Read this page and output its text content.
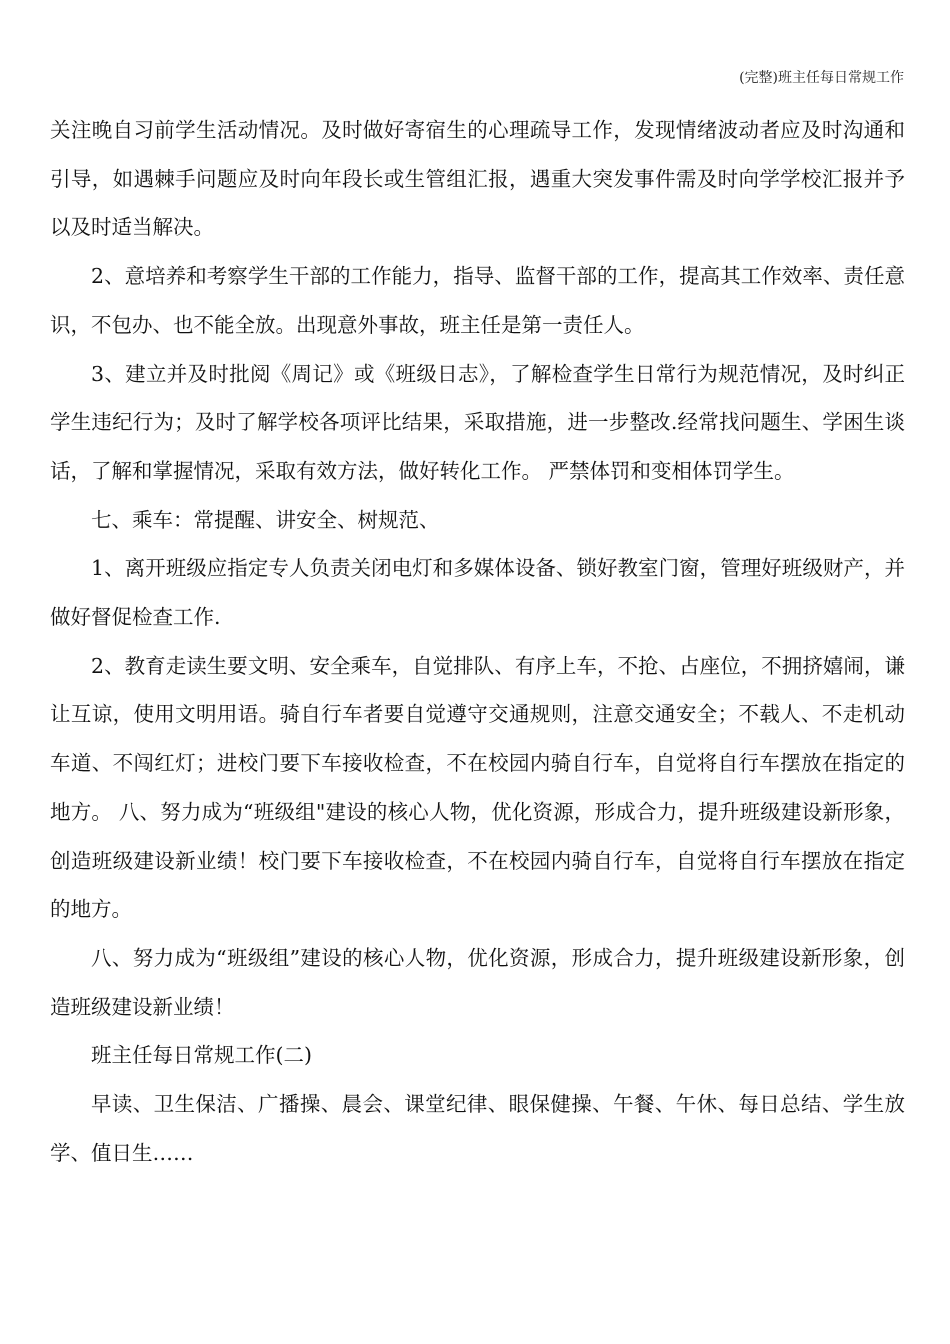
(完整)班主任每日常规工作

关注晚自习前学生活动情况。及时做好寄宿生的心理疏导工作，发现情绪波动者应及时沟通和引导，如遇棘手问题应及时向年段长或生管组汇报，遇重大突发事件需及时向学学校汇报并予以及时适当解决。

2、意培养和考察学生干部的工作能力，指导、监督干部的工作，提高其工作效率、责任意识，不包办、也不能全放。出现意外事故，班主任是第一责任人。

3、建立并及时批阅《周记》或《班级日志》，了解检查学生日常行为规范情况，及时纠正学生违纪行为；及时了解学校各项评比结果，采取措施，进一步整改.经常找问题生、学困生谈话，了解和掌握情况，采取有效方法，做好转化工作。 严禁体罚和变相体罚学生。

七、乘车：常提醒、讲安全、树规范、

1、离开班级应指定专人负责关闭电灯和多媒体设备、锁好教室门窗，管理好班级财产，并做好督促检查工作.

2、教育走读生要文明、安全乘车，自觉排队、有序上车，不抢、占座位，不拥挤嬉闹，谦让互谅，使用文明用语。骑自行车者要自觉遵守交通规则，注意交通安全；不载人、不走机动车道、不闯红灯；进校门要下车接收检查，不在校园内骑自行车，自觉将自行车摆放在指定的地方。 八、努力成为“班级组"建设的核心人物，优化资源，形成合力，提升班级建设新形象，创造班级建设新业绩！校门要下车接收检查，不在校园内骑自行车，自觉将自行车摆放在指定的地方。

八、努力成为“班级组”建设的核心人物，优化资源，形成合力，提升班级建设新形象，创造班级建设新业绩！

班主任每日常规工作(二)

早读、卫生保洁、广播操、晨会、课堂纪律、眼保健操、午餐、午休、每日总结、学生放学、值日生……
